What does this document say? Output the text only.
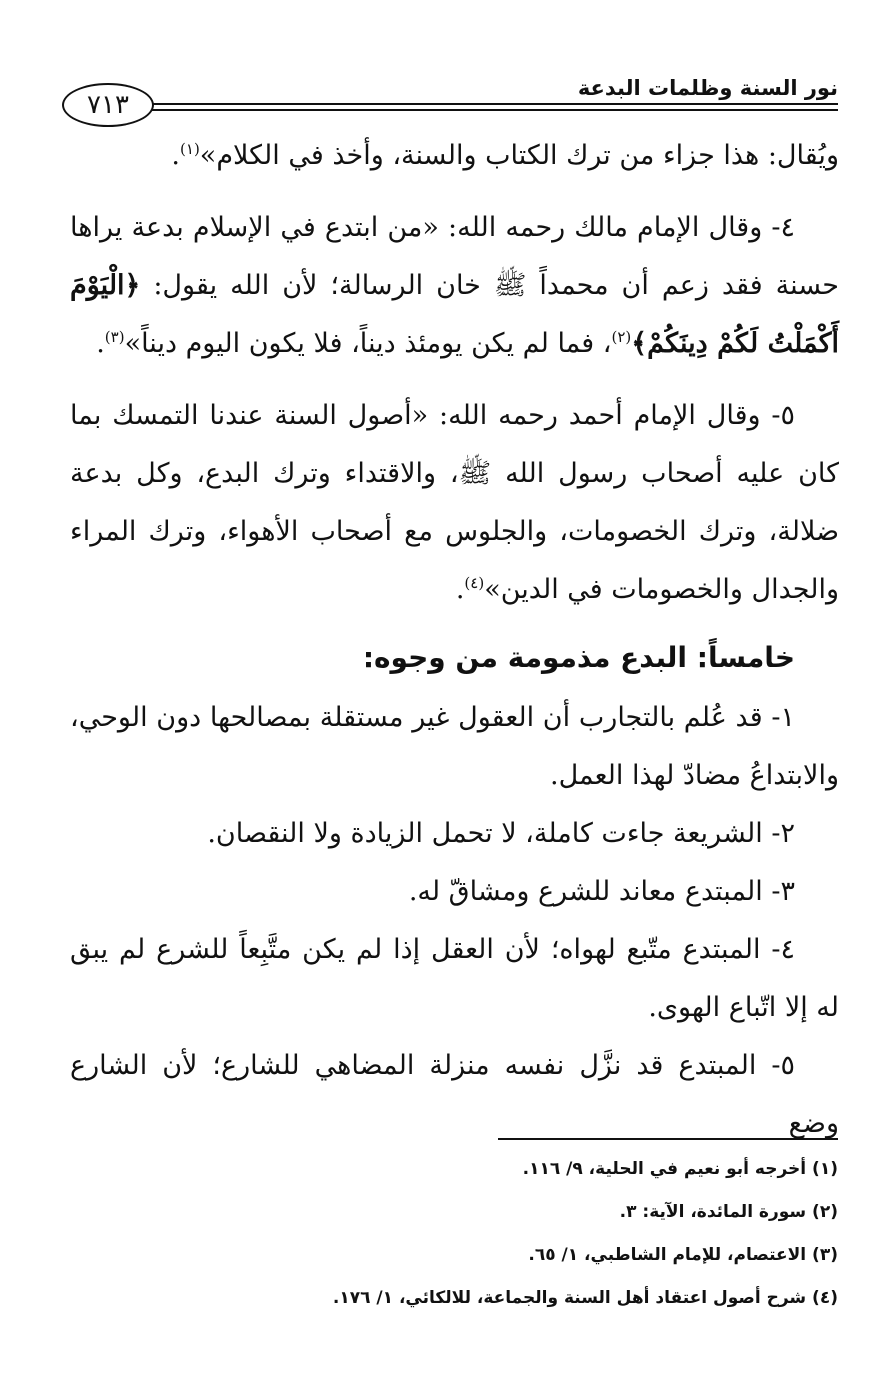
نور السنة وظلمات البدعة
٧١٣

ويُقال: هذا جزاء من ترك الكتاب والسنة، وأخذ في الكلام»$^{(١)}$.

٤- وقال الإمام مالك رحمه الله: «من ابتدع في الإسلام بدعة يراها حسنة فقد زعم أن محمداً ﷺ خان الرسالة؛ لأن الله يقول: ﴿الْيَوْمَ أَكْمَلْتُ لَكُمْ دِينَكُمْ﴾$^{(٢)}$، فما لم يكن يومئذ ديناً، فلا يكون اليوم ديناً»$^{(٣)}$.

٥- وقال الإمام أحمد رحمه الله: «أصول السنة عندنا التمسك بما كان عليه أصحاب رسول الله ﷺ، والاقتداء وترك البدع، وكل بدعة ضلالة، وترك الخصومات، والجلوس مع أصحاب الأهواء، وترك المراء والجدال والخصومات في الدين»$^{(٤)}$.

خامساً: البدع مذمومة من وجوه:

١- قد عُلم بالتجارب أن العقول غير مستقلة بمصالحها دون الوحي، والابتداعُ مضادّ لهذا العمل.

٢- الشريعة جاءت كاملة، لا تحمل الزيادة ولا النقصان.

٣- المبتدع معاند للشرع ومشاقّ له.

٤- المبتدع متّبع لهواه؛ لأن العقل إذا لم يكن متَّبِعاً للشرع لم يبق له إلا اتّباع الهوى.

٥- المبتدع قد نزَّل نفسه منزلة المضاهي للشارع؛ لأن الشارع وضع

(١) أخرجه أبو نعيم في الحلية، ٩/ ١١٦.
(٢) سورة المائدة، الآية: ٣.
(٣) الاعتصام، للإمام الشاطبي، ١/ ٦٥.
(٤) شرح أصول اعتقاد أهل السنة والجماعة، للالكائي، ١/ ١٧٦.
